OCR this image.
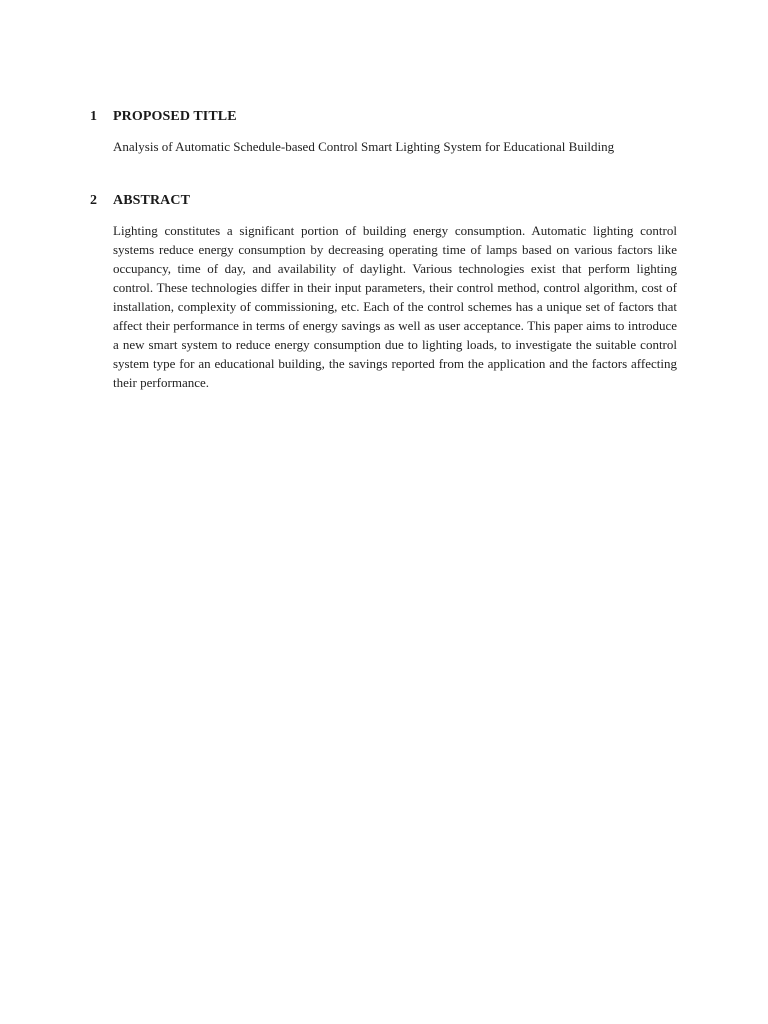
1 PROPOSED TITLE

Analysis of Automatic Schedule-based Control Smart Lighting System for Educational Building

2 ABSTRACT

Lighting constitutes a significant portion of building energy consumption. Automatic lighting control systems reduce energy consumption by decreasing operating time of lamps based on various factors like occupancy, time of day, and availability of daylight. Various technologies exist that perform lighting control. These technologies differ in their input parameters, their control method, control algorithm, cost of installation, complexity of commissioning, etc. Each of the control schemes has a unique set of factors that affect their performance in terms of energy savings as well as user acceptance. This paper aims to introduce a new smart system to reduce energy consumption due to lighting loads, to investigate the suitable control system type for an educational building, the savings reported from the application and the factors affecting their performance.
